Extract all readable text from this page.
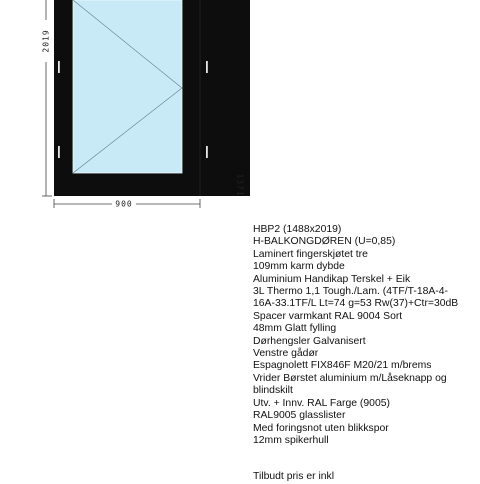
2019
900
1371
HBP2 (1488x2019)
H-BALKONGDØREN (U=0,85)
Laminert fingerskjøtet tre
109mm karm dybde
Aluminium Handikap Terskel + Eik
3L Thermo 1,1 Tough./Lam. (4TF/T-18A-4-
16A-33.1TF/L Lt=74 g=53 Rw(37)+Ctr=30dB
Spacer varmkant RAL 9004 Sort
48mm Glatt fylling
Dørhengsler Galvanisert
Venstre gådør
Espagnolett FIX846F M20/21 m/brems
Vrider Børstet aluminium m/Låseknapp og
blindskilt
Utv. + Innv. RAL Farge (9005)
RAL9005 glasslister
Med foringsnot uten blikkspor
12mm spikerhull
Tilbudt pris er inkl
